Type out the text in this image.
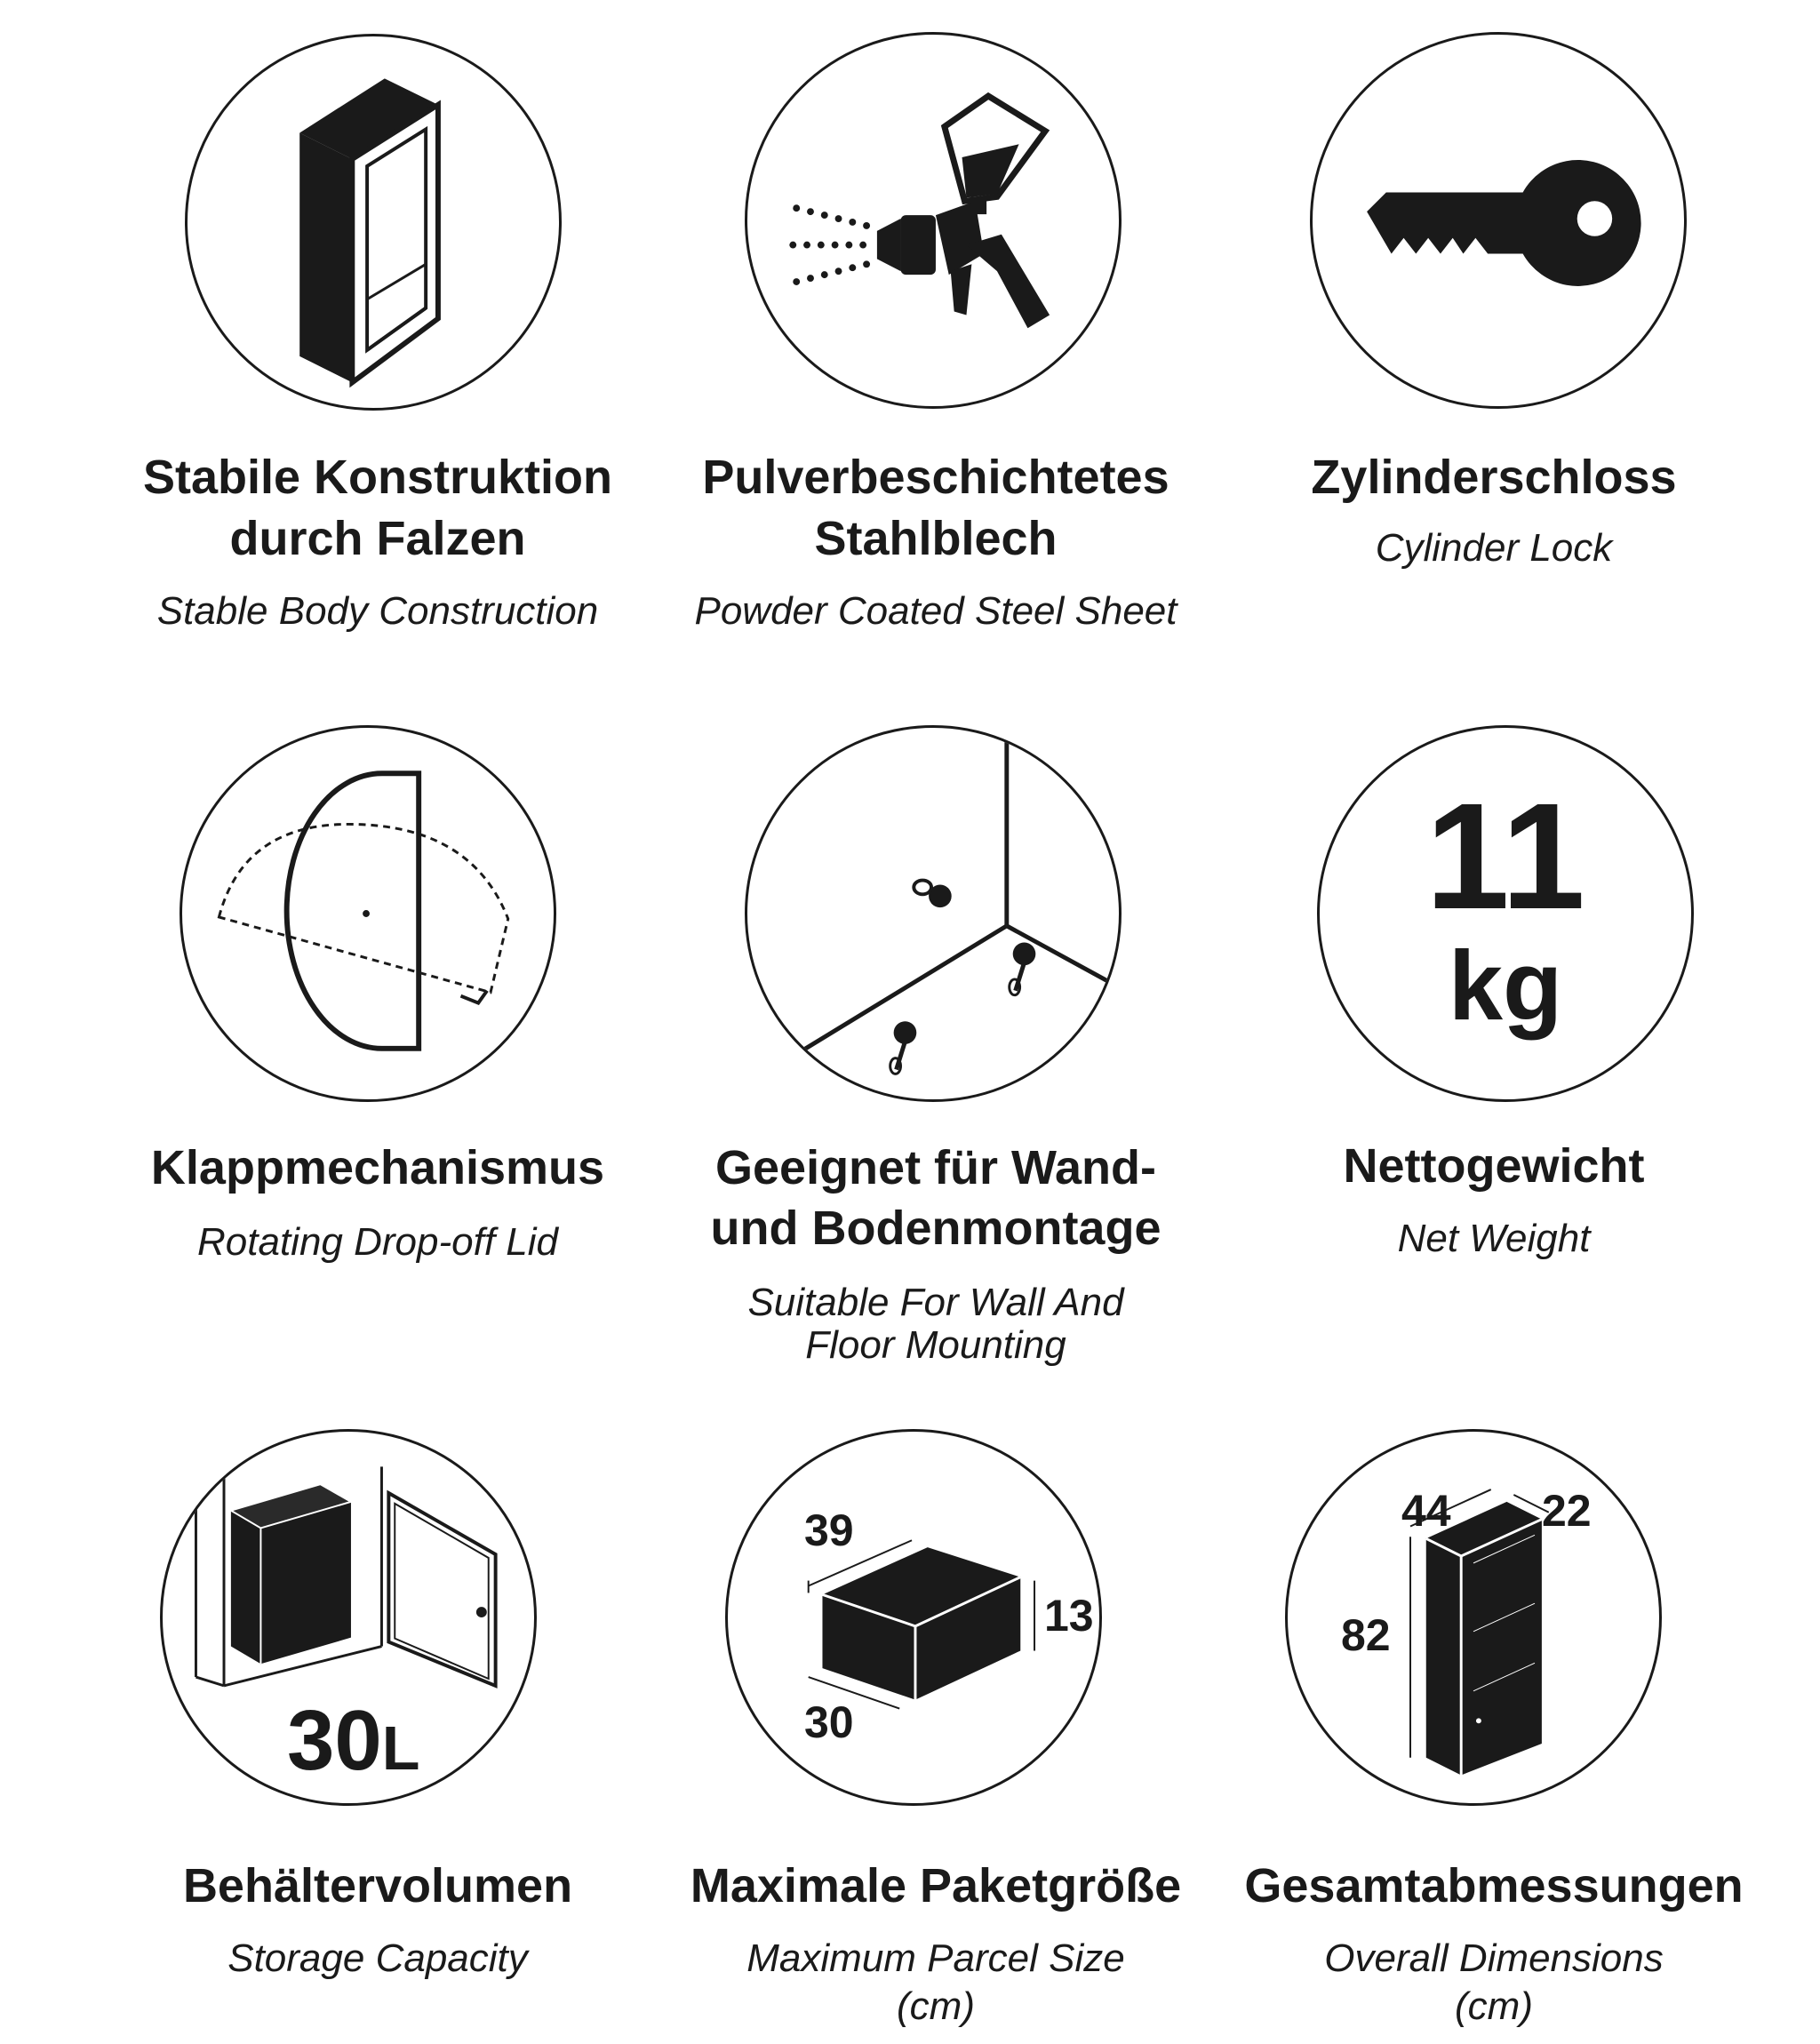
Stabile Konstruktion
durch Falzen
Stable Body Construction
Pulverbeschichtetes
Stahlblech
Powder Coated Steel Sheet
Zylinderschloss
Cylinder Lock
Klappmechanismus
Rotating Drop-off Lid
Geeignet für Wand-
und Bodenmontage
Suitable For Wall And
Floor Mounting
11
kg
Nettogewicht
Net Weight
30L
Behältervolumen
Storage Capacity
39
13
30
Maximale Paketgröße
Maximum Parcel Size
(cm)
44 22
82
Gesamtabmessungen
Overall Dimensions
(cm)
